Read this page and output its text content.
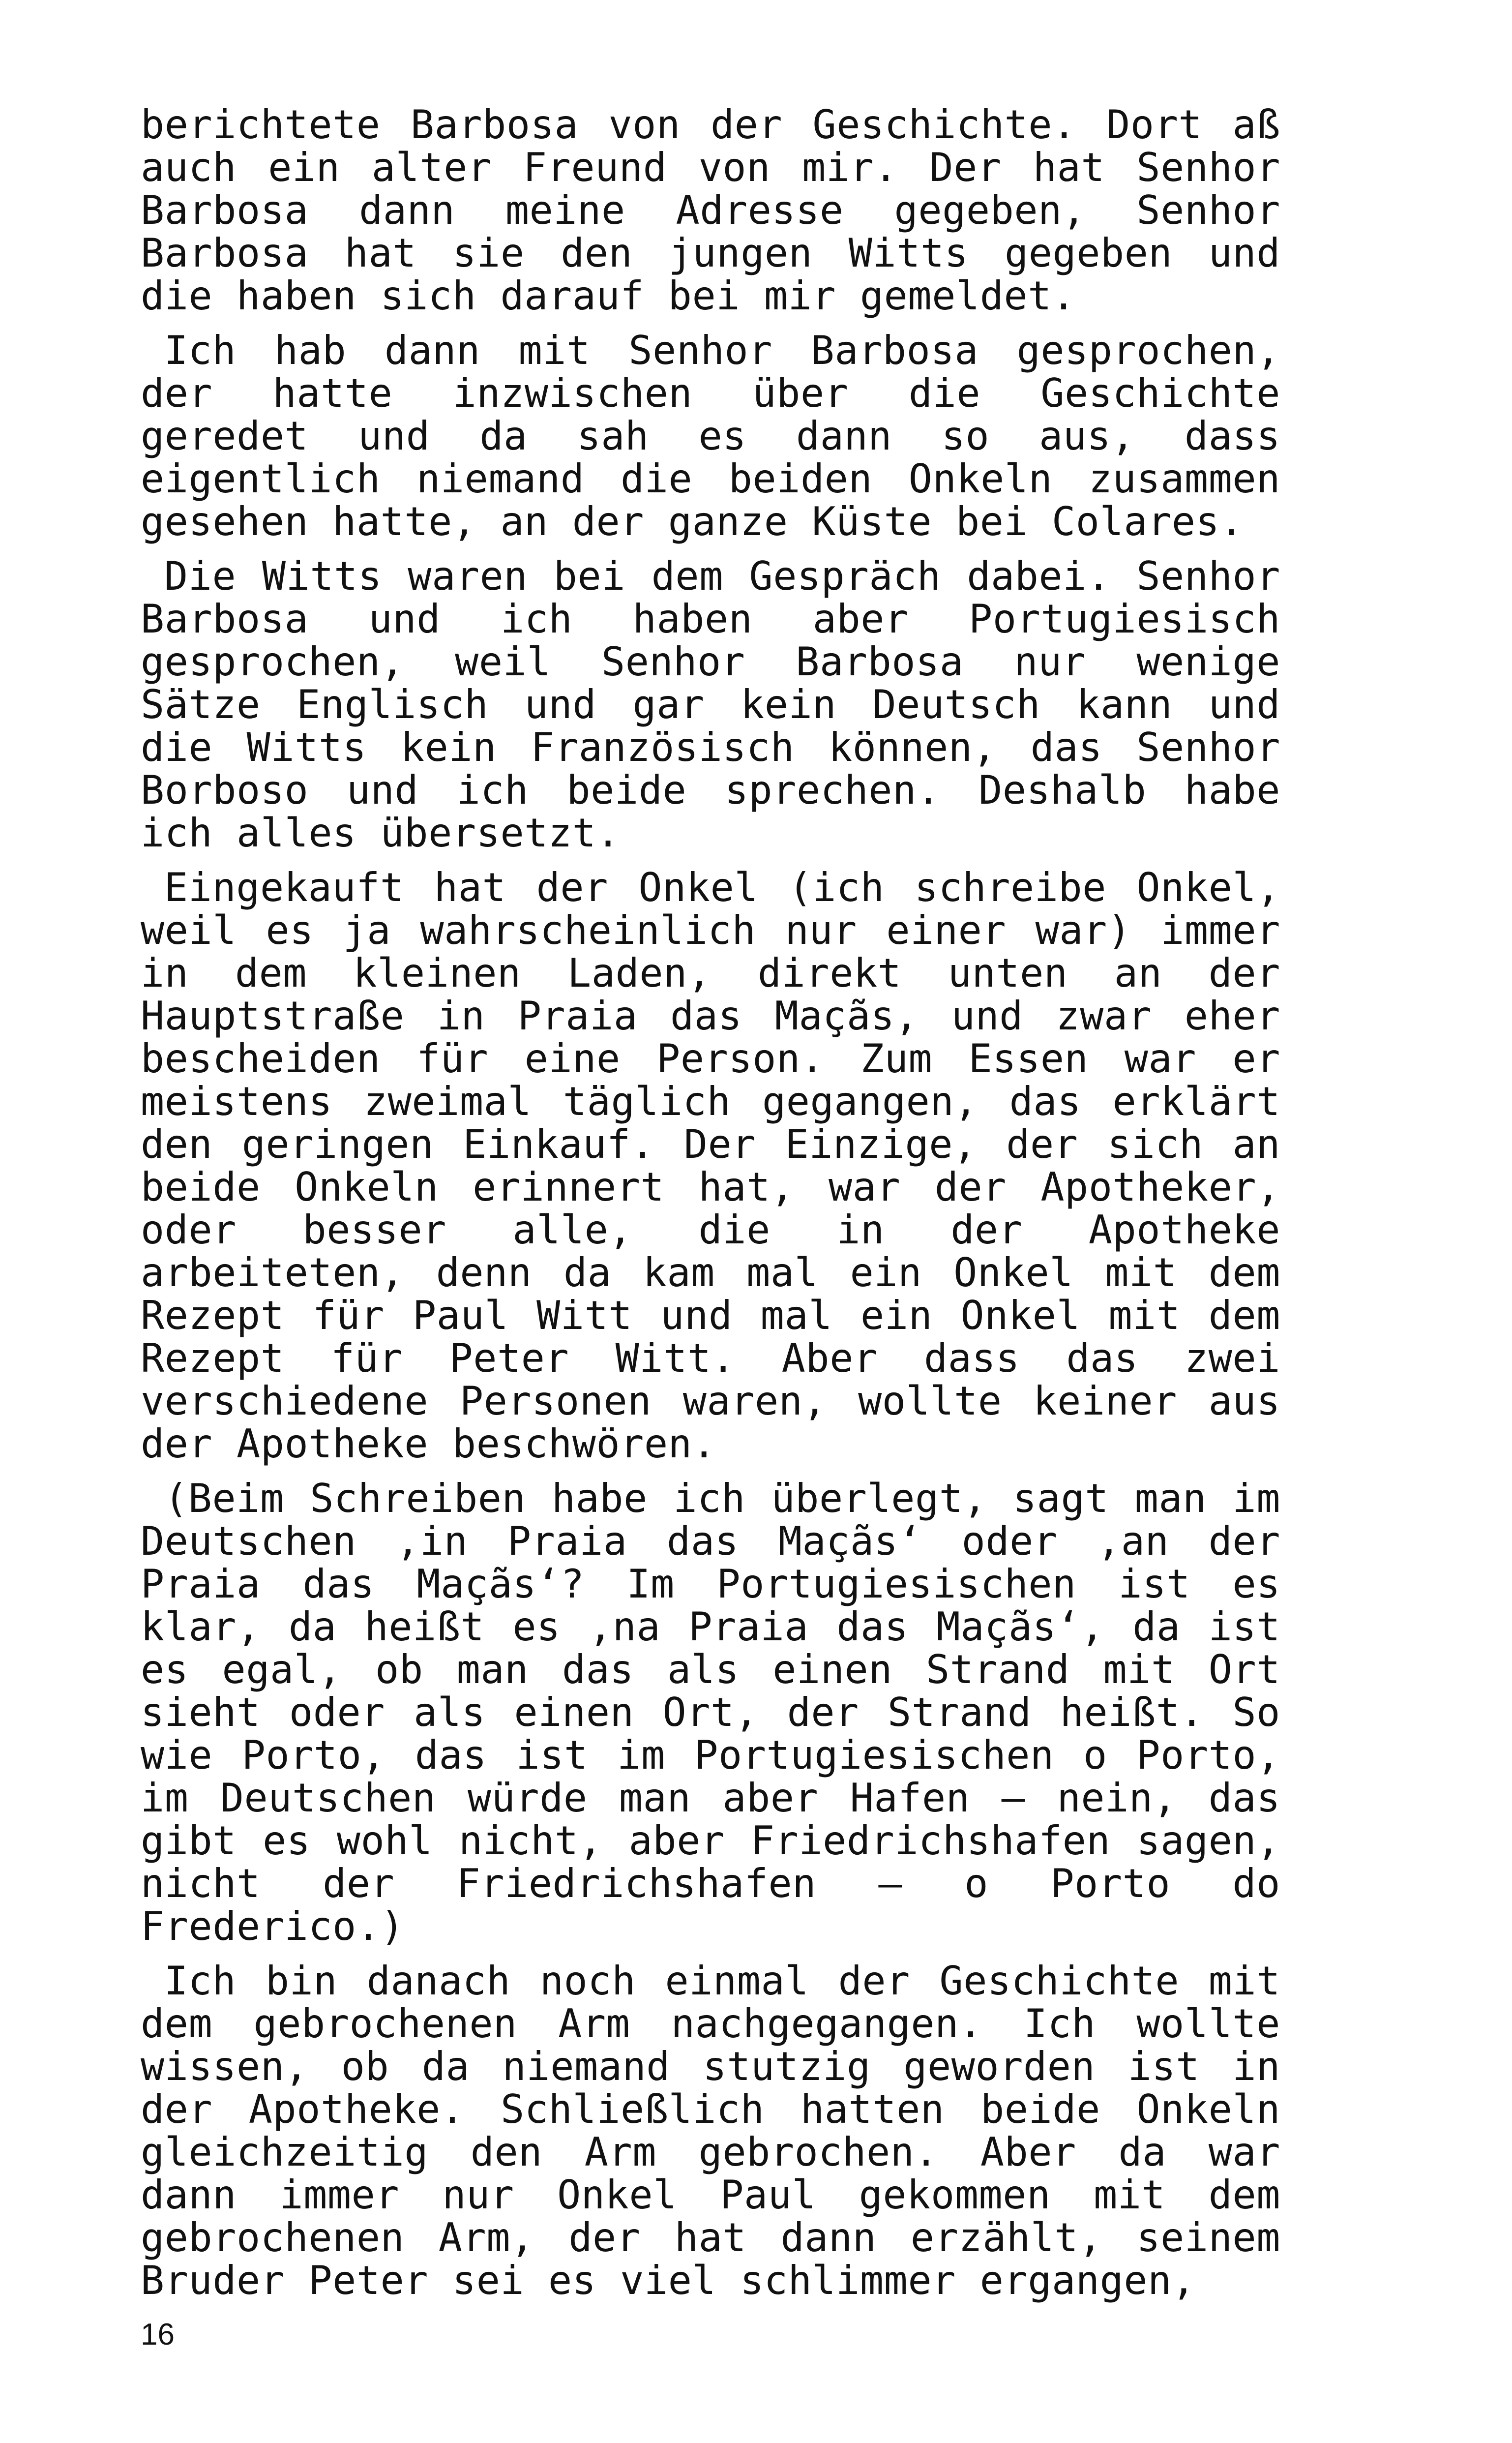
berichtete Barbosa von der Geschichte. Dort aß auch ein alter Freund von mir. Der hat Senhor Barbosa dann meine Adresse gegeben, Senhor Barbosa hat sie den jungen Witts gegeben und die haben sich darauf bei mir gemeldet.

Ich hab dann mit Senhor Barbosa gesprochen, der hatte inzwischen über die Geschichte geredet und da sah es dann so aus, dass eigentlich niemand die beiden Onkeln zusammen gesehen hatte, an der ganze Küste bei Colares.

Die Witts waren bei dem Gespräch dabei. Senhor Barbosa und ich haben aber Portugiesisch gesprochen, weil Senhor Barbosa nur wenige Sätze Englisch und gar kein Deutsch kann und die Witts kein Französisch können, das Senhor Borboso und ich beide sprechen. Deshalb habe ich alles übersetzt.

Eingekauft hat der Onkel (ich schreibe Onkel, weil es ja wahrscheinlich nur einer war) immer in dem kleinen Laden, direkt unten an der Hauptstraße in Praia das Maçãs, und zwar eher bescheiden für eine Person. Zum Essen war er meistens zweimal täglich gegangen, das erklärt den geringen Einkauf. Der Einzige, der sich an beide Onkeln erinnert hat, war der Apotheker, oder besser alle, die in der Apotheke arbeiteten, denn da kam mal ein Onkel mit dem Rezept für Paul Witt und mal ein Onkel mit dem Rezept für Peter Witt. Aber dass das zwei verschiedene Personen waren, wollte keiner aus der Apotheke beschwören.

(Beim Schreiben habe ich überlegt, sagt man im Deutschen ‚in Praia das Maçãs‘ oder ‚an der Praia das Maçãs‘? Im Portugiesischen ist es klar, da heißt es ‚na Praia das Maçãs‘, da ist es egal, ob man das als einen Strand mit Ort sieht oder als einen Ort, der Strand heißt. So wie Porto, das ist im Portugiesischen o Porto, im Deutschen würde man aber Hafen – nein, das gibt es wohl nicht, aber Friedrichshafen sagen, nicht der Friedrichshafen – o Porto do Frederico.)

Ich bin danach noch einmal der Geschichte mit dem gebrochenen Arm nachgegangen. Ich wollte wissen, ob da niemand stutzig geworden ist in der Apotheke. Schließlich hatten beide Onkeln gleichzeitig den Arm gebrochen. Aber da war dann immer nur Onkel Paul gekommen mit dem gebrochenen Arm, der hat dann erzählt, seinem Bruder Peter sei es viel schlimmer ergangen,

16
